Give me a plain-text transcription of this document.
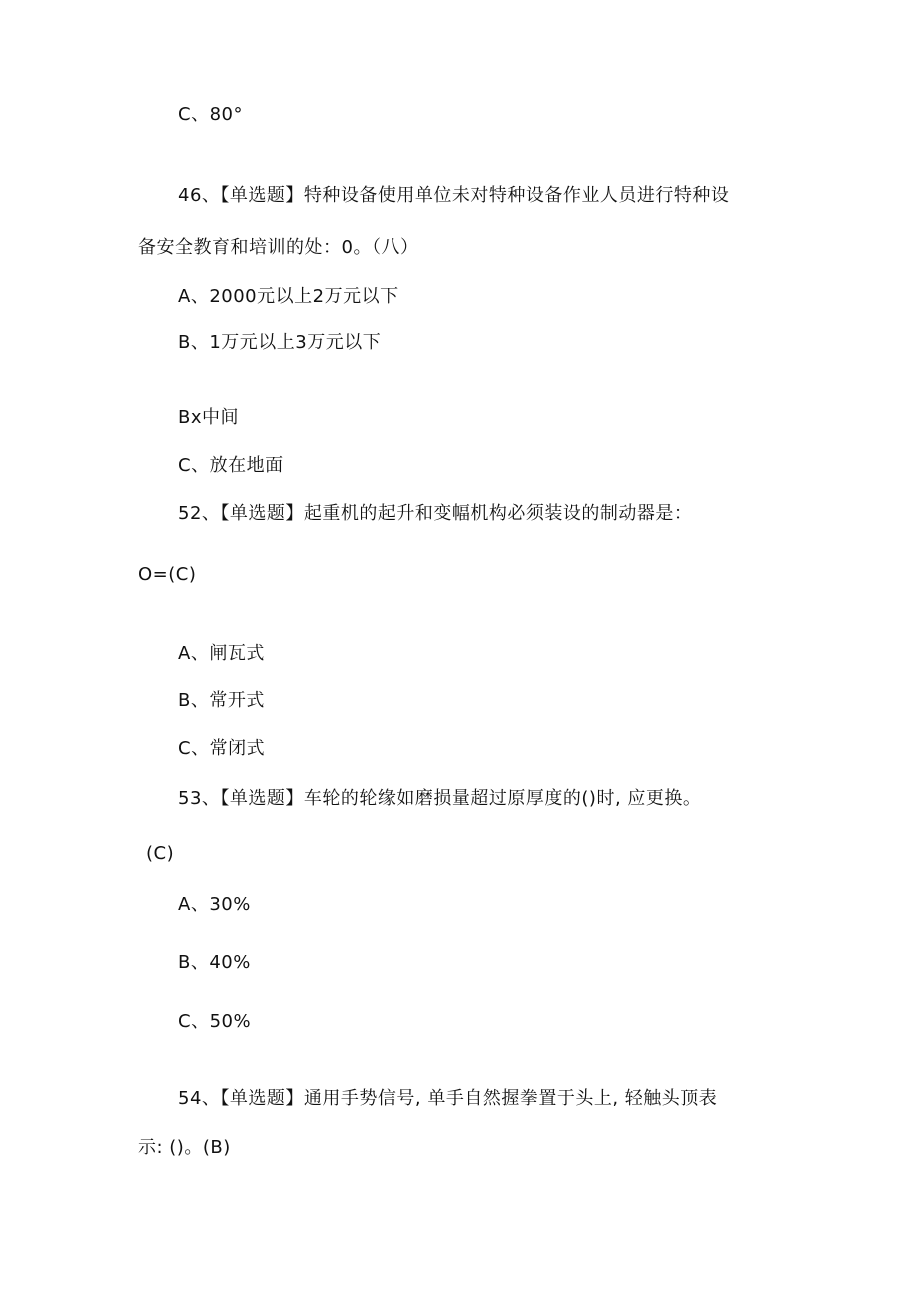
C、80°
46、【单选题】特种设备使用单位未对特种设备作业人员进行特种设
备安全教育和培训的处：0。（八）
A、2000元以上2万元以下
B、1万元以上3万元以下
Bx中间
C、放在地面
52、【单选题】起重机的起升和变幅机构必须装设的制动器是：
O=(C)
A、闸瓦式
B、常开式
C、常闭式
53、【单选题】车轮的轮缘如磨损量超过原厚度的()时, 应更换。
(C)
A、30%
B、40%
C、50%
54、【单选题】通用手势信号, 单手自然握拳置于头上, 轻触头顶表
示: ()。(B)
